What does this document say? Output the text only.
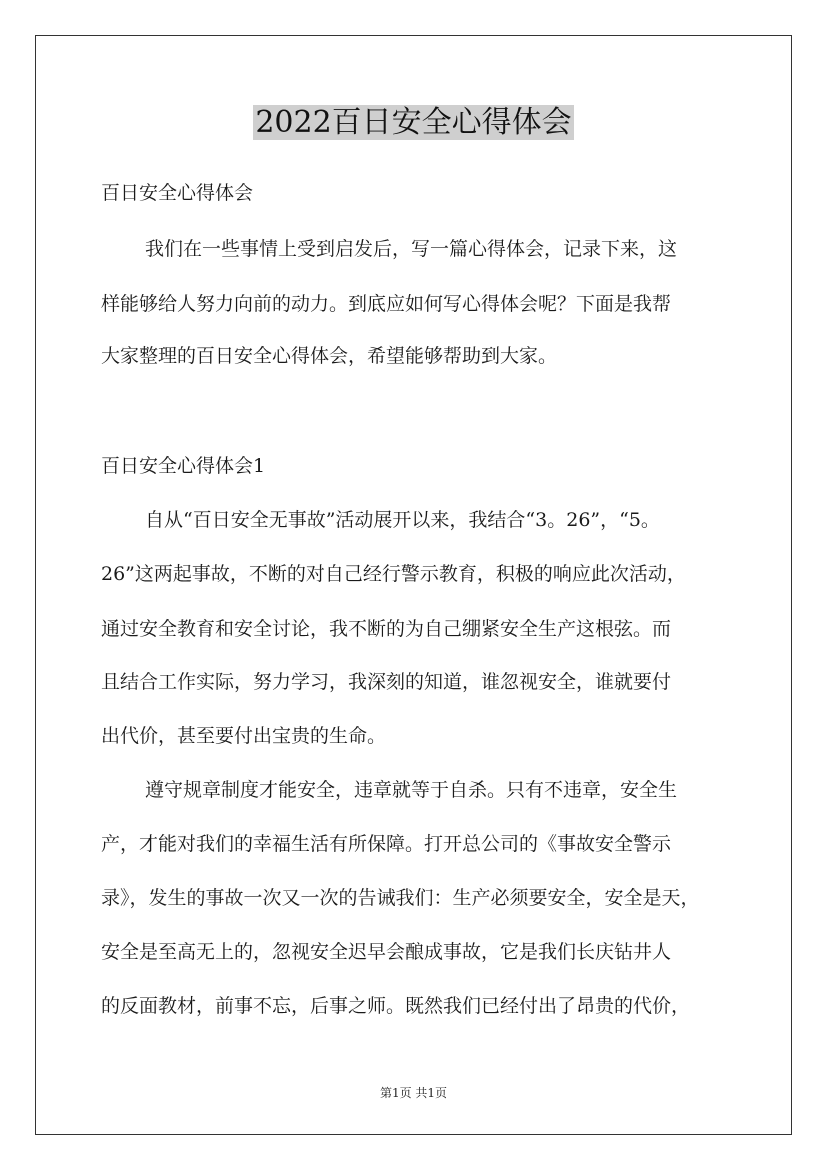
2022百日安全心得体会
百日安全心得体会
我们在一些事情上受到启发后，写一篇心得体会，记录下来，这
样能够给人努力向前的动力。到底应如何写心得体会呢？下面是我帮
大家整理的百日安全心得体会，希望能够帮助到大家。
百日安全心得体会1
自从“百日安全无事故”活动展开以来，我结合“3。26”，“5。
26”这两起事故，不断的对自己经行警示教育，积极的响应此次活动，
通过安全教育和安全讨论，我不断的为自己绷紧安全生产这根弦。而
且结合工作实际，努力学习，我深刻的知道，谁忽视安全，谁就要付
出代价，甚至要付出宝贵的生命。
遵守规章制度才能安全，违章就等于自杀。只有不违章，安全生
产，才能对我们的幸福生活有所保障。打开总公司的《事故安全警示
录》，发生的事故一次又一次的告诫我们：生产必须要安全，安全是天，
安全是至高无上的，忽视安全迟早会酿成事故，它是我们长庆钻井人
的反面教材，前事不忘，后事之师。既然我们已经付出了昂贵的代价，
第1页 共1页
